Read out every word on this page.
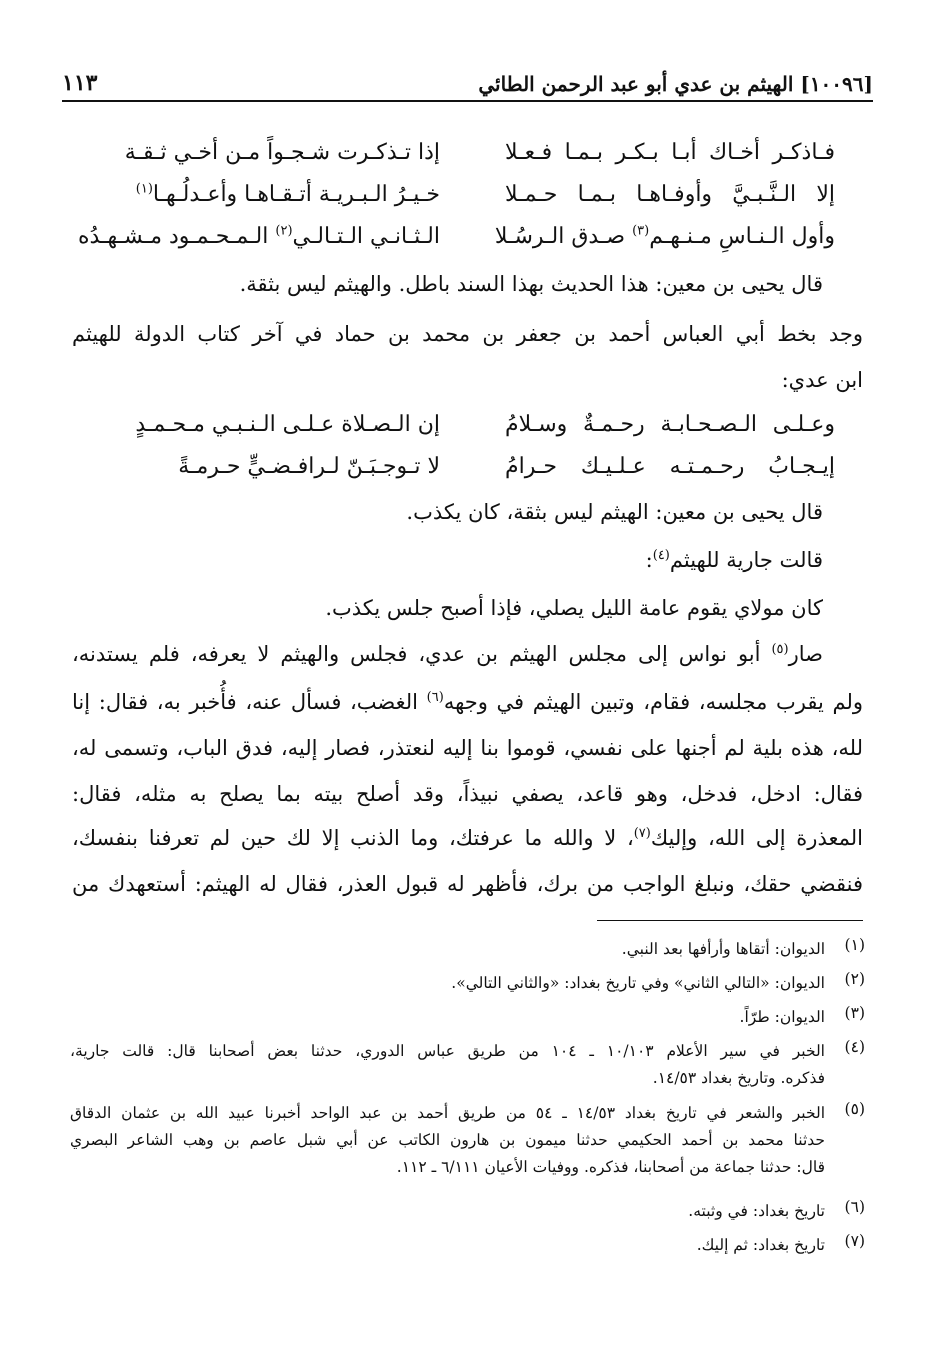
١١٣	[١٠٠٩٦] الهيثم بن عدي أبو عبد الرحمن الطائي
إذا تـذكـرت شـجـواً مـن أخـي ثـقـة	فـاذكـر أخـاك أبـا بـكـر بـمـا فـعـلا
خـيـرُ الـبـريـة أتـقـاهـا وأعـدلُـهـا$^{(١)}$	إلا الـنَّـبـيَّ وأوفـاهـا بـمـا حـمـلا
الـثـانـي الـتـالـي$^{(٢)}$ الـمـحـمـود مـشـهـدُه	وأول الـنـاسِ مـنـهـم$^{(٣)}$ صـدق الـرسُـلا
قال يحيى بن معين: هذا الحديث بهذا السند باطل. والهيثم ليس بثقة.
وجد بخط أبي العباس أحمد بن جعفر بن محمد بن حماد في آخر كتاب الدولة للهيثم
ابن عدي:
إن الـصـلاة عـلـى الـنـبـي مـحـمـدٍ	وعـلـى الـصـحـابـة رحـمـةٌ وسـلامُ
لا تـوجـبَـنّ لـرافـضـيٍّ حـرمـةً	إيـجـابُ رحـمـتـه عـلـيـك حـرامُ
قال يحيى بن معين: الهيثم ليس بثقة، كان يكذب.
قالت جارية للهيثم$^{(٤)}$:
كان مولاي يقوم عامة الليل يصلي، فإذا أصبح جلس يكذب.
صار$^{(٥)}$ أبو نواس إلى مجلس الهيثم بن عدي، فجلس والهيثم لا يعرفه، فلم يستدنه،
ولم يقرب مجلسه، فقام، وتبين الهيثم في وجهه$^{(٦)}$ الغضب، فسأل عنه، فأُخبر به، فقال: إنا
لله، هذه بلية لم أجنها على نفسي، قوموا بنا إليه لنعتذر، فصار إليه، فدق الباب، وتسمى له،
فقال: ادخل، فدخل، وهو قاعد، يصفي نبيذاً، وقد أصلح بيته بما يصلح به مثله، فقال:
المعذرة إلى الله، وإليك$^{(٧)}$، لا والله ما عرفتك، وما الذنب إلا لك حين لم تعرفنا بنفسك،
فنقضي حقك، ونبلغ الواجب من برك، فأظهر له قبول العذر، فقال له الهيثم: أستعهدك من
(١)
الديوان: أتقاها وأرأفها بعد النبي.
(٢)
الديوان: «التالي الثاني» وفي تاريخ بغداد: «والثاني التالي».
(٣)
الديوان: طرّاً.
(٤)
الخبر في سير الأعلام ١٠/١٠٣ ـ ١٠٤ من طريق عباس الدوري، حدثنا بعض أصحابنا قال: قالت جارية،
فذكره. وتاريخ بغداد ١٤/٥٣.
(٥)
الخبر والشعر في تاريخ بغداد ١٤/٥٣ ـ ٥٤ من طريق أحمد بن عبد الواحد أخبرنا عبيد الله بن عثمان الدقاق
حدثنا محمد بن أحمد الحكيمي حدثنا ميمون بن هارون الكاتب عن أبي شبل عاصم بن وهب الشاعر البصري
قال: حدثنا جماعة من أصحابنا، فذكره. ووفيات الأعيان ٦/١١١ ـ ١١٢.
(٦)
تاريخ بغداد: في وثبته.
(٧)
تاريخ بغداد: ثم إليك.
